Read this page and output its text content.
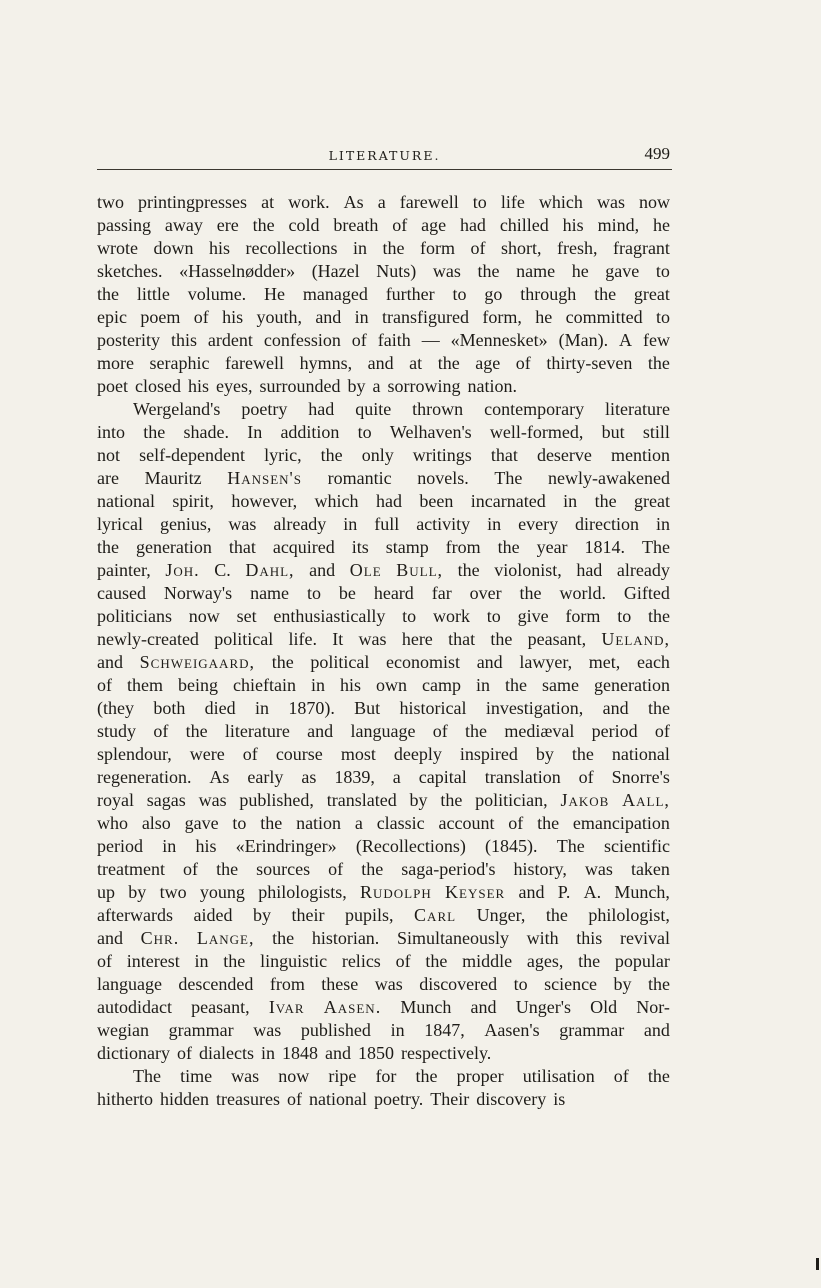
LITERATURE.	499
two printingpresses at work. As a farewell to life which was now
passing away ere the cold breath of age had chilled his mind, he
wrote down his recollections in the form of short, fresh, fragrant
sketches. «Hasselnødder» (Hazel Nuts) was the name he gave to
the little volume. He managed further to go through the great
epic poem of his youth, and in transfigured form, he committed to
posterity this ardent confession of faith — «Mennesket» (Man). A few
more seraphic farewell hymns, and at the age of thirty-seven the
poet closed his eyes, surrounded by a sorrowing nation.
Wergeland's poetry had quite thrown contemporary literature
into the shade. In addition to Welhaven's well-formed, but still
not self-dependent lyric, the only writings that deserve mention
are Mauritz Hansen's romantic novels. The newly-awakened
national spirit, however, which had been incarnated in the great
lyrical genius, was already in full activity in every direction in
the generation that acquired its stamp from the year 1814. The
painter, Joh. C. Dahl, and Ole Bull, the violonist, had already
caused Norway's name to be heard far over the world. Gifted
politicians now set enthusiastically to work to give form to the
newly-created political life. It was here that the peasant, Ueland,
and Schweigaard, the political economist and lawyer, met, each
of them being chieftain in his own camp in the same generation
(they both died in 1870). But historical investigation, and the
study of the literature and language of the mediæval period of
splendour, were of course most deeply inspired by the national
regeneration. As early as 1839, a capital translation of Snorre's
royal sagas was published, translated by the politician, Jakob Aall,
who also gave to the nation a classic account of the emancipation
period in his «Erindringer» (Recollections) (1845). The scientific
treatment of the sources of the saga-period's history, was taken
up by two young philologists, Rudolph Keyser and P. A. Munch,
afterwards aided by their pupils, Carl Unger, the philologist,
and Chr. Lange, the historian. Simultaneously with this revival
of interest in the linguistic relics of the middle ages, the popular
language descended from these was discovered to science by the
autodidact peasant, Ivar Aasen. Munch and Unger's Old Nor-
wegian grammar was published in 1847, Aasen's grammar and
dictionary of dialects in 1848 and 1850 respectively.
The time was now ripe for the proper utilisation of the
hitherto hidden treasures of national poetry. Their discovery is
